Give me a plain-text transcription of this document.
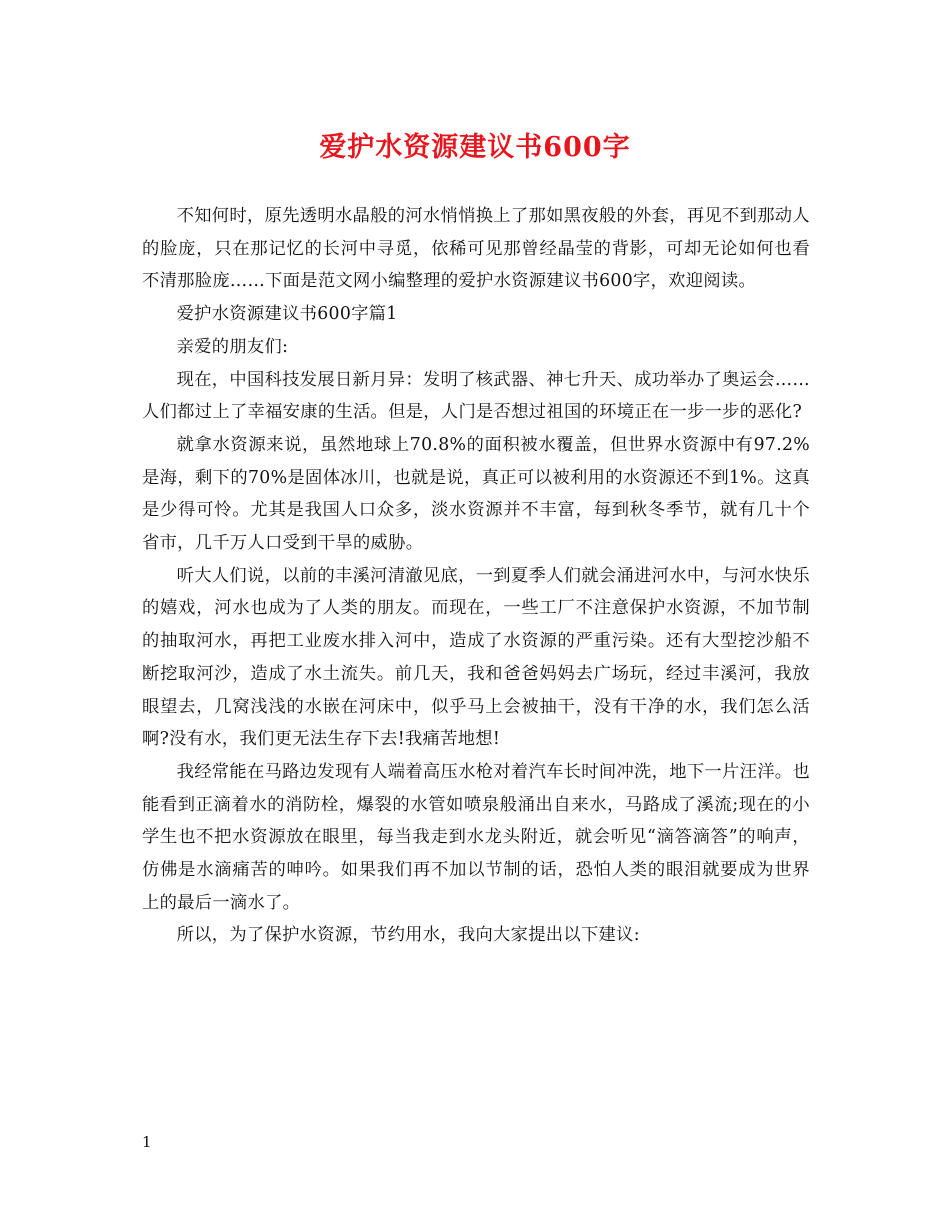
爱护水资源建议书600字

不知何时，原先透明水晶般的河水悄悄换上了那如黑夜般的外套，再见不到那动人的脸庞，只在那记忆的长河中寻觅，依稀可见那曾经晶莹的背影，可却无论如何也看不清那脸庞……下面是范文网小编整理的爱护水资源建议书600字，欢迎阅读。

爱护水资源建议书600字篇1

亲爱的朋友们:

现在，中国科技发展日新月异：发明了核武器、神七升天、成功举办了奥运会……人们都过上了幸福安康的生活。但是，人门是否想过祖国的环境正在一步一步的恶化?

就拿水资源来说，虽然地球上70.8%的面积被水覆盖，但世界水资源中有97.2%是海，剩下的70%是固体冰川，也就是说，真正可以被利用的水资源还不到1%。这真是少得可怜。尤其是我国人口众多，淡水资源并不丰富，每到秋冬季节，就有几十个省市，几千万人口受到干旱的威胁。

听大人们说，以前的丰溪河清澈见底，一到夏季人们就会涌进河水中，与河水快乐的嬉戏，河水也成为了人类的朋友。而现在，一些工厂不注意保护水资源，不加节制的抽取河水，再把工业废水排入河中，造成了水资源的严重污染。还有大型挖沙船不断挖取河沙，造成了水土流失。前几天，我和爸爸妈妈去广场玩，经过丰溪河，我放眼望去，几窝浅浅的水嵌在河床中，似乎马上会被抽干，没有干净的水，我们怎么活啊?没有水，我们更无法生存下去!我痛苦地想!

我经常能在马路边发现有人端着高压水枪对着汽车长时间冲洗，地下一片汪洋。也能看到正滴着水的消防栓，爆裂的水管如喷泉般涌出自来水，马路成了溪流;现在的小学生也不把水资源放在眼里，每当我走到水龙头附近，就会听见“滴答滴答”的响声，仿佛是水滴痛苦的呻吟。如果我们再不加以节制的话，恐怕人类的眼泪就要成为世界上的最后一滴水了。

所以，为了保护水资源，节约用水，我向大家提出以下建议:

1
